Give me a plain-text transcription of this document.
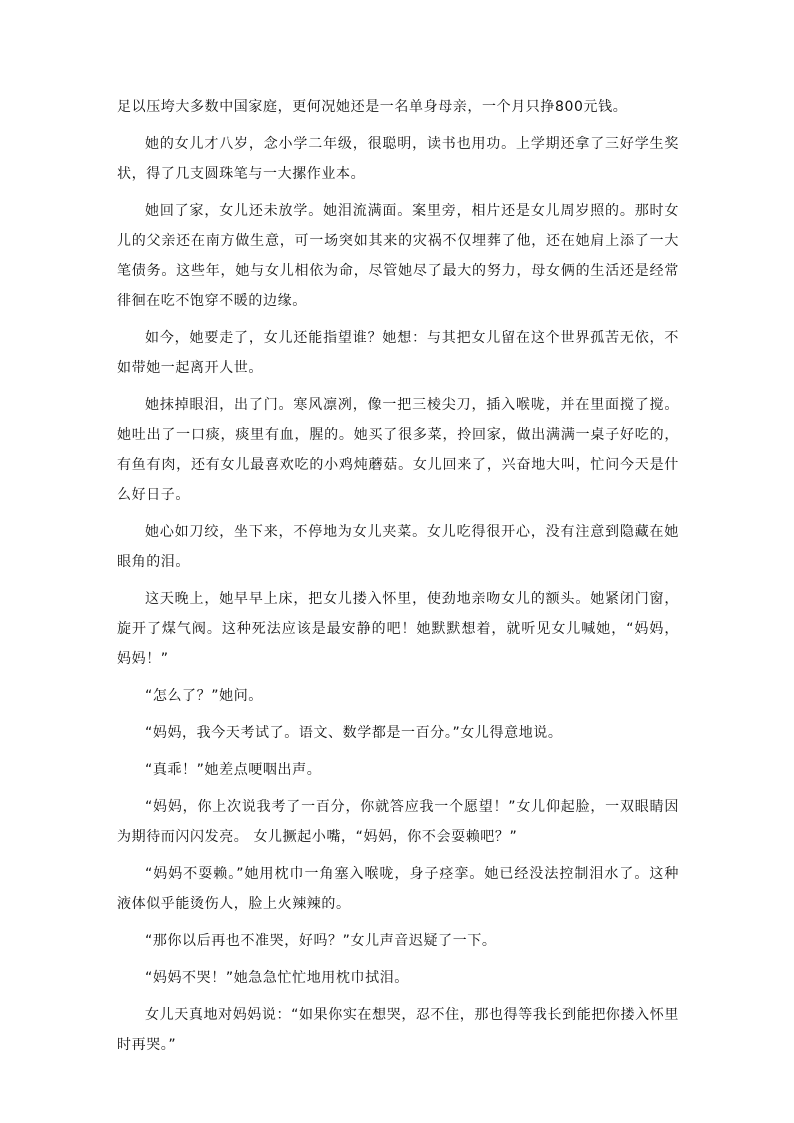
足以压垮大多数中国家庭，更何况她还是一名单身母亲，一个月只挣800元钱。

她的女儿才八岁，念小学二年级，很聪明，读书也用功。上学期还拿了三好学生奖状，得了几支圆珠笔与一大摞作业本。

她回了家，女儿还未放学。她泪流满面。案里旁，相片还是女儿周岁照的。那时女儿的父亲还在南方做生意，可一场突如其来的灾祸不仅埋葬了他，还在她肩上添了一大笔债务。这些年，她与女儿相依为命，尽管她尽了最大的努力，母女俩的生活还是经常徘徊在吃不饱穿不暖的边缘。

如今，她要走了，女儿还能指望谁？她想：与其把女儿留在这个世界孤苦无依，不如带她一起离开人世。

她抹掉眼泪，出了门。寒风凛冽，像一把三棱尖刀，插入喉咙，并在里面搅了搅。她吐出了一口痰，痰里有血，腥的。她买了很多菜，拎回家，做出满满一桌子好吃的，有鱼有肉，还有女儿最喜欢吃的小鸡炖蘑菇。女儿回来了，兴奋地大叫，忙问今天是什么好日子。

她心如刀绞，坐下来，不停地为女儿夹菜。女儿吃得很开心，没有注意到隐藏在她眼角的泪。

这天晚上，她早早上床，把女儿搂入怀里，使劲地亲吻女儿的额头。她紧闭门窗，旋开了煤气阀。这种死法应该是最安静的吧！她默默想着，就听见女儿喊她，“妈妈，妈妈！”

“怎么了？”她问。

“妈妈，我今天考试了。语文、数学都是一百分。”女儿得意地说。

“真乖！”她差点哽咽出声。

“妈妈，你上次说我考了一百分，你就答应我一个愿望！”女儿仰起脸，一双眼睛因为期待而闪闪发亮。 女儿撅起小嘴，“妈妈，你不会耍赖吧？”

“妈妈不耍赖。”她用枕巾一角塞入喉咙，身子痉挛。她已经没法控制泪水了。这种液体似乎能烫伤人，脸上火辣辣的。

“那你以后再也不准哭，好吗？”女儿声音迟疑了一下。

“妈妈不哭！”她急急忙忙地用枕巾拭泪。

女儿天真地对妈妈说：“如果你实在想哭，忍不住，那也得等我长到能把你搂入怀里时再哭。”
